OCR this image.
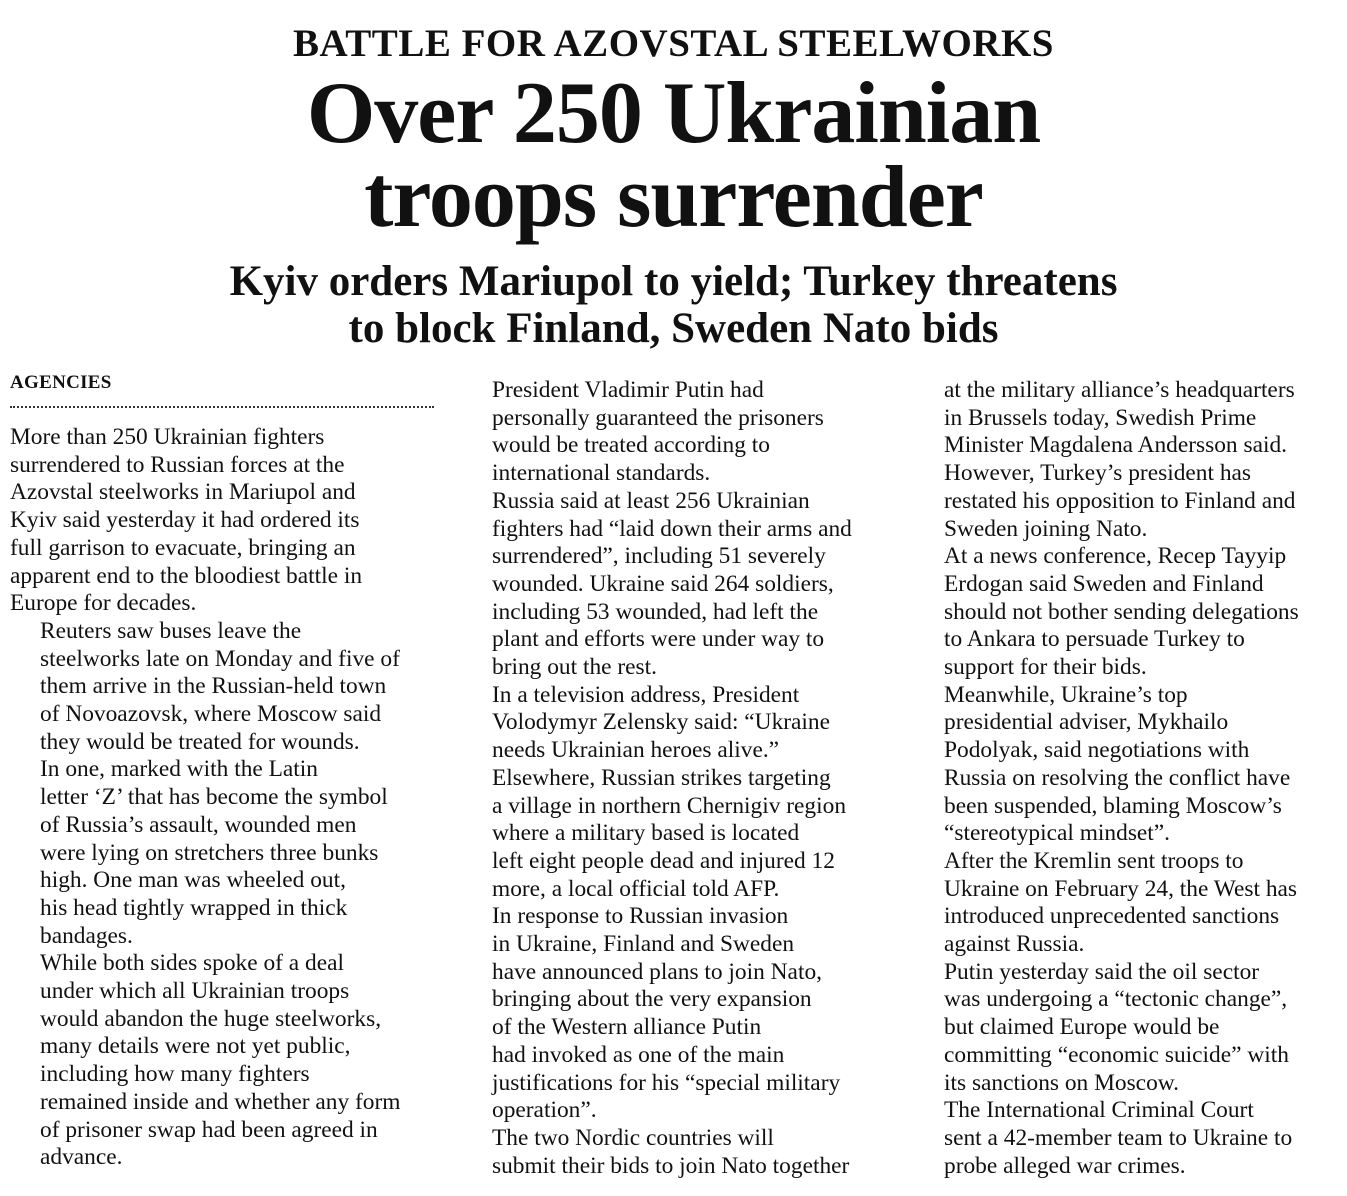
BATTLE FOR AZOVSTAL STEELWORKS
Over 250 Ukrainian
troops surrender
Kyiv orders Mariupol to yield; Turkey threatens
to block Finland, Sweden Nato bids
AGENCIES

More than 250 Ukrainian fighters
surrendered to Russian forces at the
Azovstal steelworks in Mariupol and
Kyiv said yesterday it had ordered its
full garrison to evacuate, bringing an
apparent end to the bloodiest battle in
Europe for decades.

Reuters saw buses leave the
steelworks late on Monday and five of
them arrive in the Russian-held town
of Novoazovsk, where Moscow said
they would be treated for wounds.

In one, marked with the Latin
letter ‘Z’ that has become the symbol
of Russia’s assault, wounded men
were lying on stretchers three bunks
high. One man was wheeled out,
his head tightly wrapped in thick
bandages.

While both sides spoke of a deal
under which all Ukrainian troops
would abandon the huge steelworks,
many details were not yet public,
including how many fighters
remained inside and whether any form
of prisoner swap had been agreed in
advance.

President Vladimir Putin had
personally guaranteed the prisoners
would be treated according to
international standards.

Russia said at least 256 Ukrainian
fighters had “laid down their arms and
surrendered”, including 51 severely
wounded. Ukraine said 264 soldiers,
including 53 wounded, had left the
plant and efforts were under way to
bring out the rest.

In a television address, President
Volodymyr Zelensky said: “Ukraine
needs Ukrainian heroes alive.”

Elsewhere, Russian strikes targeting
a village in northern Chernigiv region
where a military based is located
left eight people dead and injured 12
more, a local official told AFP.

In response to Russian invasion
in Ukraine, Finland and Sweden
have announced plans to join Nato,
bringing about the very expansion
of the Western alliance Putin
had invoked as one of the main
justifications for his “special military
operation”.

The two Nordic countries will
submit their bids to join Nato together

at the military alliance’s headquarters
in Brussels today, Swedish Prime
Minister Magdalena Andersson said.

However, Turkey’s president has
restated his opposition to Finland and
Sweden joining Nato.

At a news conference, Recep Tayyip
Erdogan said Sweden and Finland
should not bother sending delegations
to Ankara to persuade Turkey to
support for their bids.

Meanwhile, Ukraine’s top
presidential adviser, Mykhailo
Podolyak, said negotiations with
Russia on resolving the conflict have
been suspended, blaming Moscow’s
“stereotypical mindset”.

After the Kremlin sent troops to
Ukraine on February 24, the West has
introduced unprecedented sanctions
against Russia.

Putin yesterday said the oil sector
was undergoing a “tectonic change”,
but claimed Europe would be
committing “economic suicide” with
its sanctions on Moscow.

The International Criminal Court
sent a 42-member team to Ukraine to
probe alleged war crimes.
